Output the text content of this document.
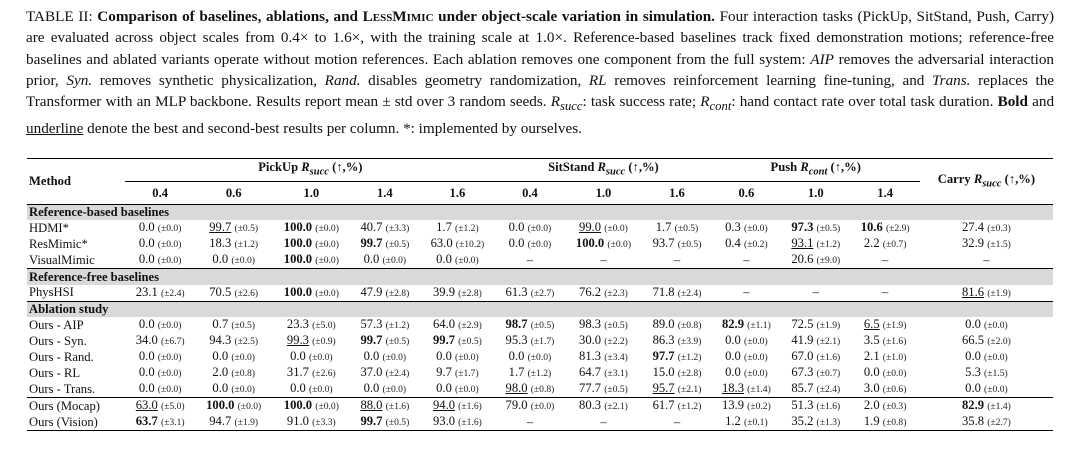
TABLE II: Comparison of baselines, ablations, and LessMimic under object-scale variation in simulation. Four interaction tasks (PickUp, SitStand, Push, Carry) are evaluated across object scales from 0.4× to 1.6×, with the training scale at 1.0×. Reference-based baselines track fixed demonstration motions; reference-free baselines and ablated variants operate without motion references. Each ablation removes one component from the full system: AIP removes the adversarial interaction prior, Syn. removes synthetic physicalization, Rand. disables geometry randomization, RL removes reinforcement learning fine-tuning, and Trans. replaces the Transformer with an MLP backbone. Results report mean ± std over 3 random seeds. $R_{succ}$: task success rate; $R_{cont}$: hand contact rate over total task duration. Bold and underline denote the best and second-best results per column. *: implemented by ourselves.
Method	PickUp $R_{succ}$ (↑,%)					SitStand $R_{succ}$ (↑,%)			Push $R_{cont}$ (↑,%)			Carry $R_{succ}$ (↑,%)
	0.4	0.6	1.0	1.4	1.6	0.4	1.0	1.6	0.6	1.0	1.4	
Reference-based baselines												
HDMI*	0.0 (±0.0)	99.7 (±0.5)	100.0 (±0.0)	40.7 (±3.3)	1.7 (±1.2)	0.0 (±0.0)	99.0 (±0.0)	1.7 (±0.5)	0.3 (±0.0)	97.3 (±0.5)	10.6 (±2.9)	27.4 (±0.3)
ResMimic*	0.0 (±0.0)	18.3 (±1.2)	100.0 (±0.0)	99.7 (±0.5)	63.0 (±10.2)	0.0 (±0.0)	100.0 (±0.0)	93.7 (±0.5)	0.4 (±0.2)	93.1 (±1.2)	2.2 (±0.7)	32.9 (±1.5)
VisualMimic	0.0 (±0.0)	0.0 (±0.0)	100.0 (±0.0)	0.0 (±0.0)	0.0 (±0.0)	–	–	–	–	20.6 (±9.0)	–	–
Reference-free baselines												
PhysHSI	23.1 (±2.4)	70.5 (±2.6)	100.0 (±0.0)	47.9 (±2.8)	39.9 (±2.8)	61.3 (±2.7)	76.2 (±2.3)	71.8 (±2.4)	–	–	–	81.6 (±1.9)
Ablation study												
Ours - AIP	0.0 (±0.0)	0.7 (±0.5)	23.3 (±5.0)	57.3 (±1.2)	64.0 (±2.9)	98.7 (±0.5)	98.3 (±0.5)	89.0 (±0.8)	82.9 (±1.1)	72.5 (±1.9)	6.5 (±1.9)	0.0 (±0.0)
Ours - Syn.	34.0 (±6.7)	94.3 (±2.5)	99.3 (±0.9)	99.7 (±0.5)	99.7 (±0.5)	95.3 (±1.7)	30.0 (±2.2)	86.3 (±3.9)	0.0 (±0.0)	41.9 (±2.1)	3.5 (±1.6)	66.5 (±2.0)
Ours - Rand.	0.0 (±0.0)	0.0 (±0.0)	0.0 (±0.0)	0.0 (±0.0)	0.0 (±0.0)	0.0 (±0.0)	81.3 (±3.4)	97.7 (±1.2)	0.0 (±0.0)	67.0 (±1.6)	2.1 (±1.0)	0.0 (±0.0)
Ours - RL	0.0 (±0.0)	2.0 (±0.8)	31.7 (±2.6)	37.0 (±2.4)	9.7 (±1.7)	1.7 (±1.2)	64.7 (±3.1)	15.0 (±2.8)	0.0 (±0.0)	67.3 (±0.7)	0.0 (±0.0)	5.3 (±1.5)
Ours - Trans.	0.0 (±0.0)	0.0 (±0.0)	0.0 (±0.0)	0.0 (±0.0)	0.0 (±0.0)	98.0 (±0.8)	77.7 (±0.5)	95.7 (±2.1)	18.3 (±1.4)	85.7 (±2.4)	3.0 (±0.6)	0.0 (±0.0)
Ours (Mocap)	63.0 (±5.0)	100.0 (±0.0)	100.0 (±0.0)	88.0 (±1.6)	94.0 (±1.6)	79.0 (±0.0)	80.3 (±2.1)	61.7 (±1.2)	13.9 (±0.2)	51.3 (±1.6)	2.0 (±0.3)	82.9 (±1.4)
Ours (Vision)	63.7 (±3.1)	94.7 (±1.9)	91.0 (±3.3)	99.7 (±0.5)	93.0 (±1.6)	–	–	–	1.2 (±0.1)	35.2 (±1.3)	1.9 (±0.8)	35.8 (±2.7)
